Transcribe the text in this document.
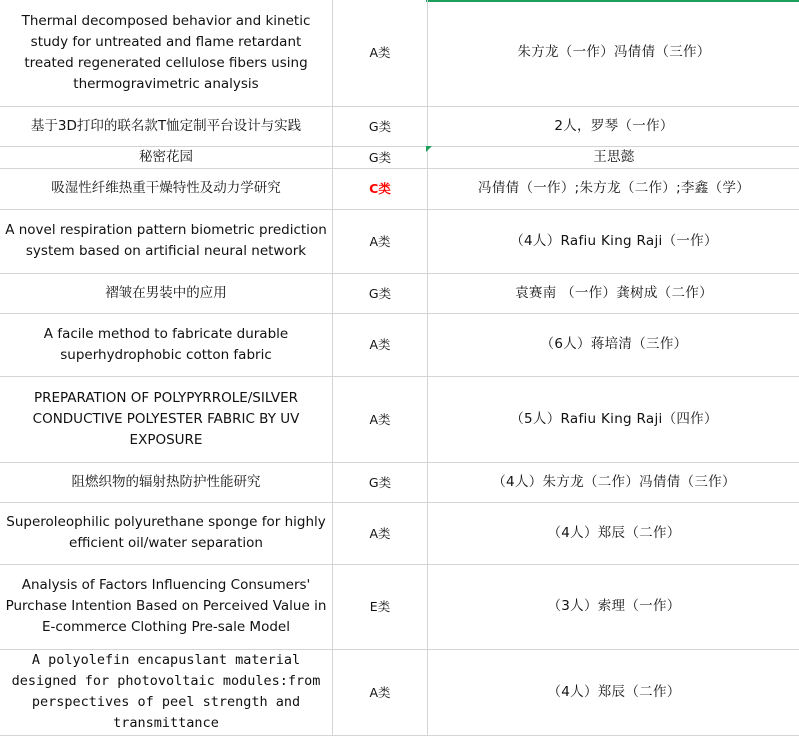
Thermal decomposed behavior and kinetic study for untreated and flame retardant treated regenerated cellulose fibers using thermogravimetric analysis	A类	朱方龙（一作）冯倩倩（三作）
基于3D打印的联名款T恤定制平台设计与实践	G类	2人，罗琴（一作）
秘密花园	G类	王思懿
吸湿性纤维热重干燥特性及动力学研究	C类	冯倩倩（一作）;朱方龙（二作）;李鑫（学）
A novel respiration pattern biometric prediction system based on artificial neural network	A类	（4人）Rafiu King Raji（一作）
褶皱在男装中的应用	G类	袁赛南 （一作）龚树成（二作）
A facile method to fabricate durable superhydrophobic cotton fabric	A类	（6人）蒋培清（三作）
PREPARATION OF POLYPYRROLE/SILVER CONDUCTIVE POLYESTER FABRIC BY UV EXPOSURE	A类	（5人）Rafiu King Raji（四作）
阻燃织物的辐射热防护性能研究	G类	（4人）朱方龙（二作）冯倩倩（三作）
Superoleophilic polyurethane sponge for highly efficient oil/water separation	A类	（4人）郑辰（二作）
Analysis of Factors Influencing Consumers' Purchase Intention Based on Perceived Value in E-commerce Clothing Pre-sale Model	E类	（3人）索理（一作）
A polyolefin encapuslant material designed for photovoltaic modules:from perspectives of peel strength and transmittance	A类	（4人）郑辰（二作）
